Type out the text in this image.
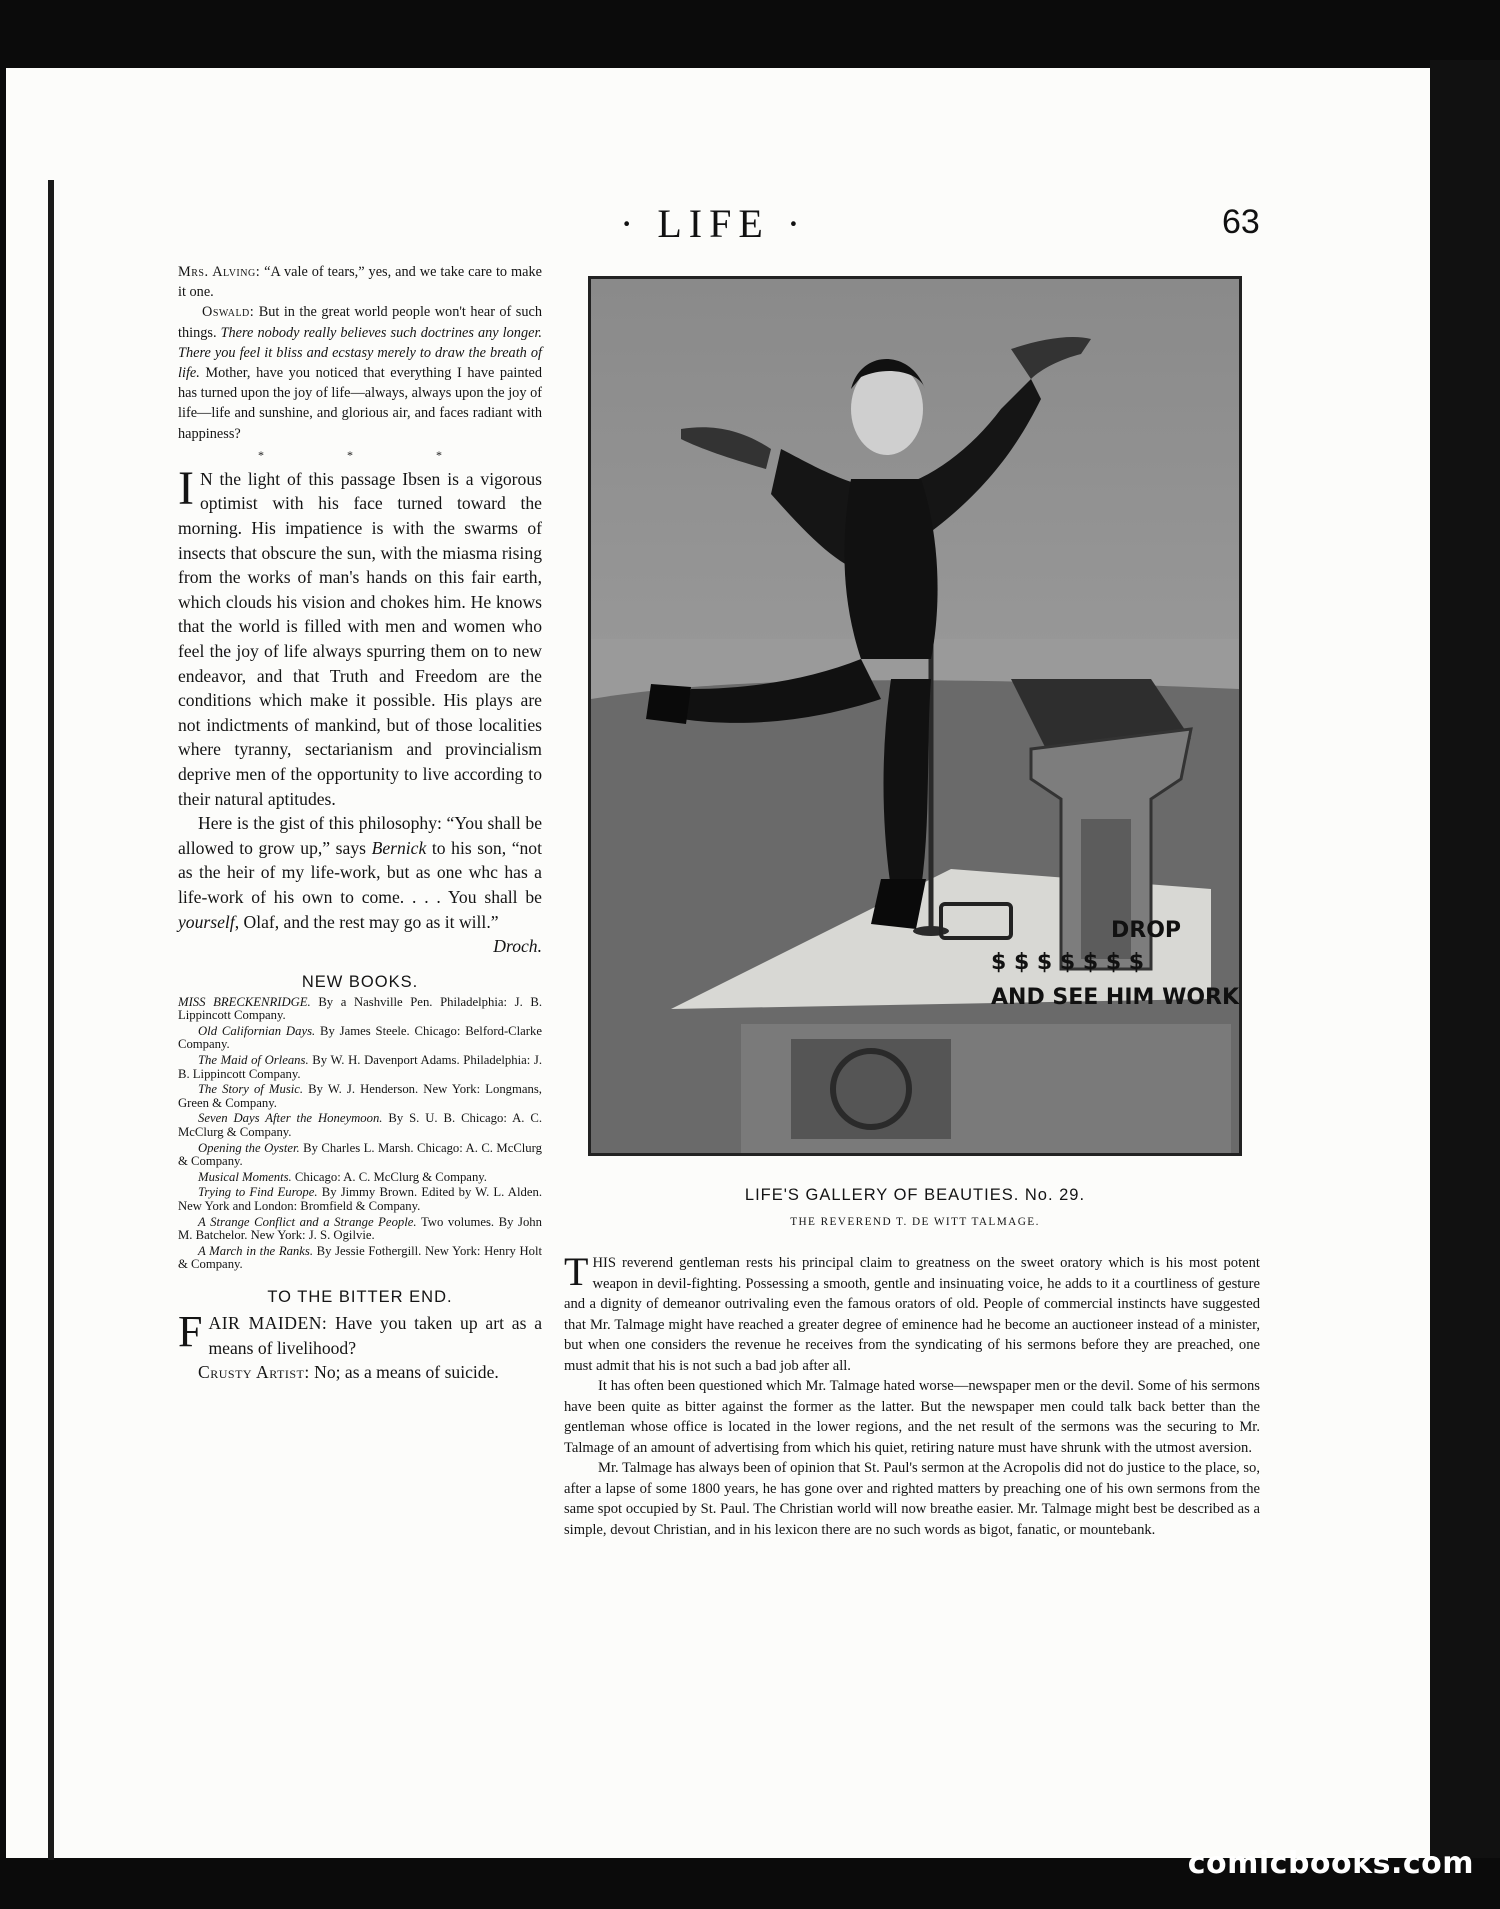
· LIFE ·	63

Mrs. Alving: “A vale of tears,” yes, and we take care to make it one.

Oswald: But in the great world people won't hear of such things. There nobody really believes such doctrines any longer. There you feel it bliss and ecstasy merely to draw the breath of life. Mother, have you noticed that everything I have painted has turned upon the joy of life—always, always upon the joy of life—life and sunshine, and glorious air, and faces radiant with happiness?

* * *

I N the light of this passage Ibsen is a vigorous optimist with his face turned toward the morning. His impatience is with the swarms of insects that obscure the sun, with the miasma rising from the works of man's hands on this fair earth, which clouds his vision and chokes him. He knows that the world is filled with men and women who feel the joy of life always spurring them on to new endeavor, and that Truth and Freedom are the conditions which make it possible. His plays are not indictments of mankind, but of those localities where tyranny, sectarianism and provincialism deprive men of the opportunity to live according to their natural aptitudes.

Here is the gist of this philosophy: “You shall be allowed to grow up,” says Bernick to his son, “not as the heir of my life-work, but as one whc has a life-work of his own to come. . . . You shall be yourself, Olaf, and the rest may go as it will.”

Droch.
NEW BOOKS.

MISS BRECKENRIDGE. By a Nashville Pen. Philadelphia: J. B. Lippincott Company.

Old Californian Days. By James Steele. Chicago: Belford-Clarke Company.

The Maid of Orleans. By W. H. Davenport Adams. Philadelphia: J. B. Lippincott Company.

The Story of Music. By W. J. Henderson. New York: Longmans, Green & Company.

Seven Days After the Honeymoon. By S. U. B. Chicago: A. C. McClurg & Company.

Opening the Oyster. By Charles L. Marsh. Chicago: A. C. McClurg & Company.

Musical Moments. Chicago: A. C. McClurg & Company.

Trying to Find Europe. By Jimmy Brown. Edited by W. L. Alden. New York and London: Bromfield & Company.

A Strange Conflict and a Strange People. Two volumes. By John M. Batchelor. New York: J. S. Ogilvie.

A March in the Ranks. By Jessie Fothergill. New York: Henry Holt & Company.

TO THE BITTER END.

FAIR MAIDEN: Have you taken up art as a means of livelihood?

Crusty Artist: No; as a means of suicide.

DROP
$ $ $ $ $ $ $
AND SEE HIM WORK
LIFE'S GALLERY OF BEAUTIES. No. 29.
THE REVEREND T. DE WITT TALMAGE.

THIS reverend gentleman rests his principal claim to greatness on the sweet oratory which is his most potent weapon in devil-fighting. Possessing a smooth, gentle and insinuating voice, he adds to it a courtliness of gesture and a dignity of demeanor outrivaling even the famous orators of old. People of commercial instincts have suggested that Mr. Talmage might have reached a greater degree of eminence had he become an auctioneer instead of a minister, but when one considers the revenue he receives from the syndicating of his sermons before they are preached, one must admit that his is not such a bad job after all.

It has often been questioned which Mr. Talmage hated worse—newspaper men or the devil. Some of his sermons have been quite as bitter against the former as the latter. But the newspaper men could talk back better than the gentleman whose office is located in the lower regions, and the net result of the sermons was the securing to Mr. Talmage of an amount of advertising from which his quiet, retiring nature must have shrunk with the utmost aversion.

Mr. Talmage has always been of opinion that St. Paul's sermon at the Acropolis did not do justice to the place, so, after a lapse of some 1800 years, he has gone over and righted matters by preaching one of his own sermons from the same spot occupied by St. Paul. The Christian world will now breathe easier. Mr. Talmage might best be described as a simple, devout Christian, and in his lexicon there are no such words as bigot, fanatic, or mountebank.

comicbooks.com
